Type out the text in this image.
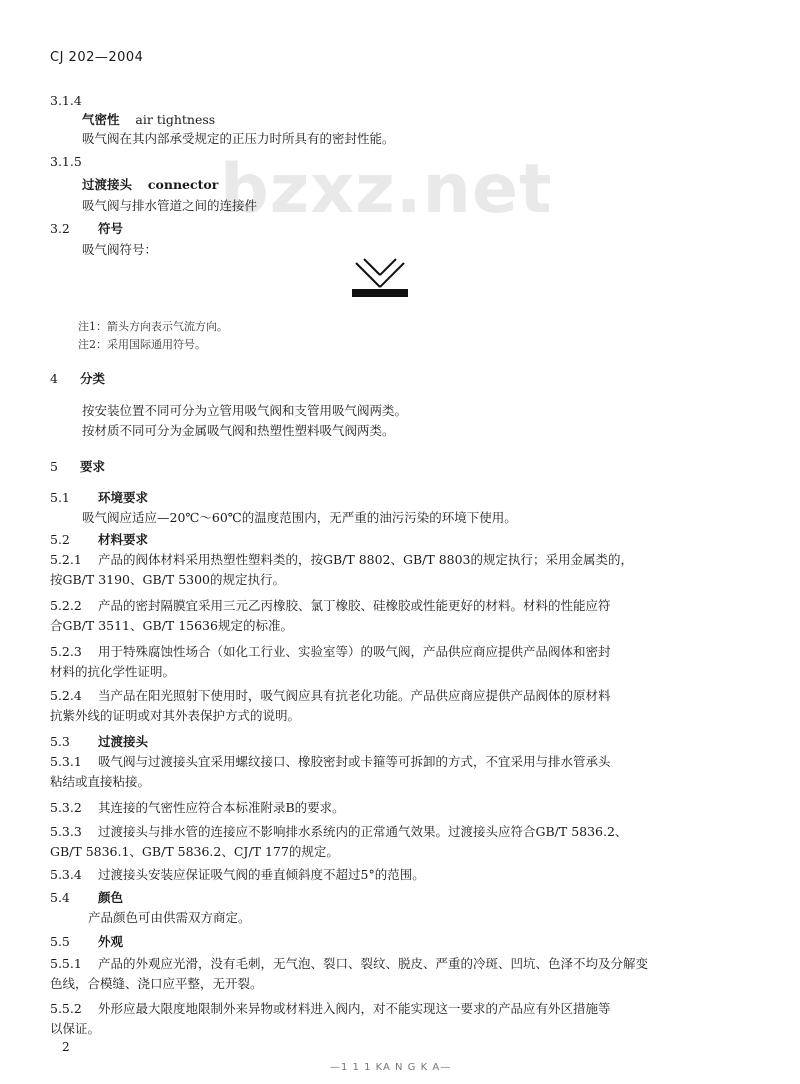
CJ 202—2004
bzxz.net
3.1.4
气密性 air tightness
吸气阀在其内部承受规定的正压力时所具有的密封性能。
3.1.5
过渡接头 connector
吸气阀与排水管道之间的连接件
3.2 符号
吸气阀符号：
注1：箭头方向表示气流方向。
注2：采用国际通用符号。
4 分类
按安装位置不同可分为立管用吸气阀和支管用吸气阀两类。
按材质不同可分为金属吸气阀和热塑性塑料吸气阀两类。
5 要求
5.1 环境要求
吸气阀应适应—20℃～60℃的温度范围内，无严重的油污污染的环境下使用。
5.2 材料要求
5.2.1 产品的阀体材料采用热塑性塑料类的，按GB/T 8802、GB/T 8803的规定执行；采用金属类的，
按GB/T 3190、GB/T 5300的规定执行。
5.2.2 产品的密封隔膜宜采用三元乙丙橡胶、氯丁橡胶、硅橡胶或性能更好的材料。材料的性能应符
合GB/T 3511、GB/T 15636规定的标准。
5.2.3 用于特殊腐蚀性场合（如化工行业、实验室等）的吸气阀，产品供应商应提供产品阀体和密封
材料的抗化学性证明。
5.2.4 当产品在阳光照射下使用时，吸气阀应具有抗老化功能。产品供应商应提供产品阀体的原材料
抗紫外线的证明或对其外表保护方式的说明。
5.3 过渡接头
5.3.1 吸气阀与过渡接头宜采用螺纹接口、橡胶密封或卡箍等可拆卸的方式，不宜采用与排水管承头
粘结或直接粘接。
5.3.2 其连接的气密性应符合本标准附录B的要求。
5.3.3 过渡接头与排水管的连接应不影响排水系统内的正常通气效果。过渡接头应符合GB/T 5836.2、
GB/T 5836.1、GB/T 5836.2、CJ/T 177的规定。
5.3.4 过渡接头安装应保证吸气阀的垂直倾斜度不超过5°的范围。
5.4 颜色
产品颜色可由供需双方商定。
5.5 外观
5.5.1 产品的外观应光滑，没有毛刺，无气泡、裂口、裂纹、脱皮、严重的冷斑、凹坑、色泽不均及分解变
色线，合模缝、浇口应平整，无开裂。
5.5.2 外形应最大限度地限制外来异物或材料进入阀内，对不能实现这一要求的产品应有外区措施等
以保证。
2
—1 1 1 KA N G K A—
